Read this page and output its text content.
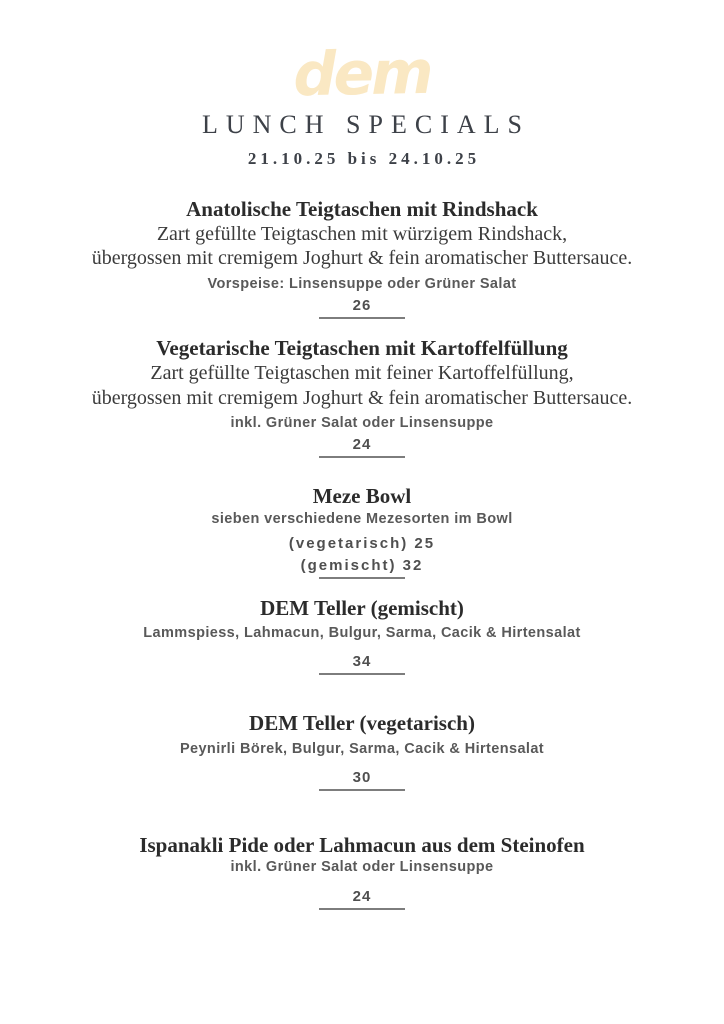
dem
LUNCH SPECIALS
21.10.25 bis 24.10.25
Anatolische Teigtaschen mit Rindshack

Zart gefüllte Teigtaschen mit würzigem Rindshack,
übergossen mit cremigem Joghurt & fein aromatischer Buttersauce.

Vorspeise: Linsensuppe oder Grüner Salat

26
Vegetarische Teigtaschen mit Kartoffelfüllung

Zart gefüllte Teigtaschen mit feiner Kartoffelfüllung,
übergossen mit cremigem Joghurt & fein aromatischer Buttersauce.

inkl. Grüner Salat oder Linsensuppe

24
Meze Bowl

sieben verschiedene Mezesorten im Bowl

(vegetarisch) 25
(gemischt) 32
DEM Teller (gemischt)

Lammspiess, Lahmacun, Bulgur, Sarma, Cacik & Hirtensalat

34
DEM Teller (vegetarisch)

Peynirli Börek, Bulgur, Sarma, Cacik & Hirtensalat

30
Ispanakli Pide oder Lahmacun aus dem Steinofen

inkl. Grüner Salat oder Linsensuppe

24
